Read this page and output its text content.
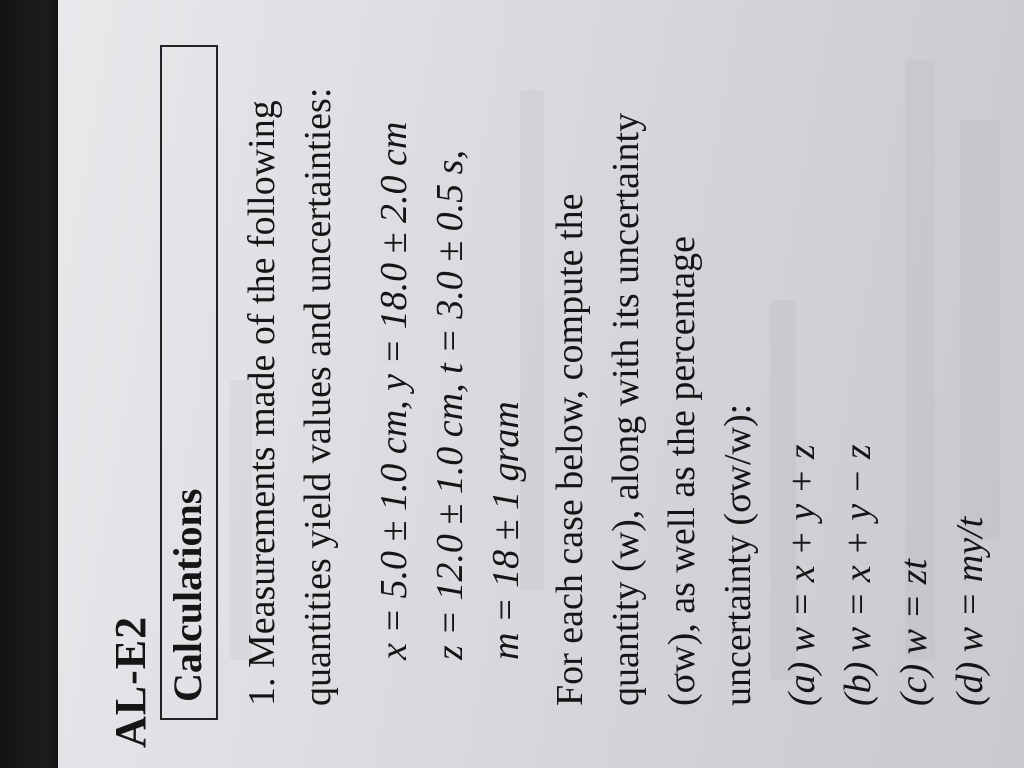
AL-E2 Calculations 1. Measurements made of the following quantities yield values and uncertainties: x = 5.0 ± 1.0 cm, y = 18.0 ± 2.0 cm z = 12.0 ± 1.0 cm, t = 3.0 ± 0.5 s, m = 18 ± 1 gram For each case below, compute the quantity (w), along with its uncertainty (σw), as well as the percentage uncertainty (σw/w): (a) w = x + y + z (b) w = x + y − z (c) w = zt (d) w = my/t
